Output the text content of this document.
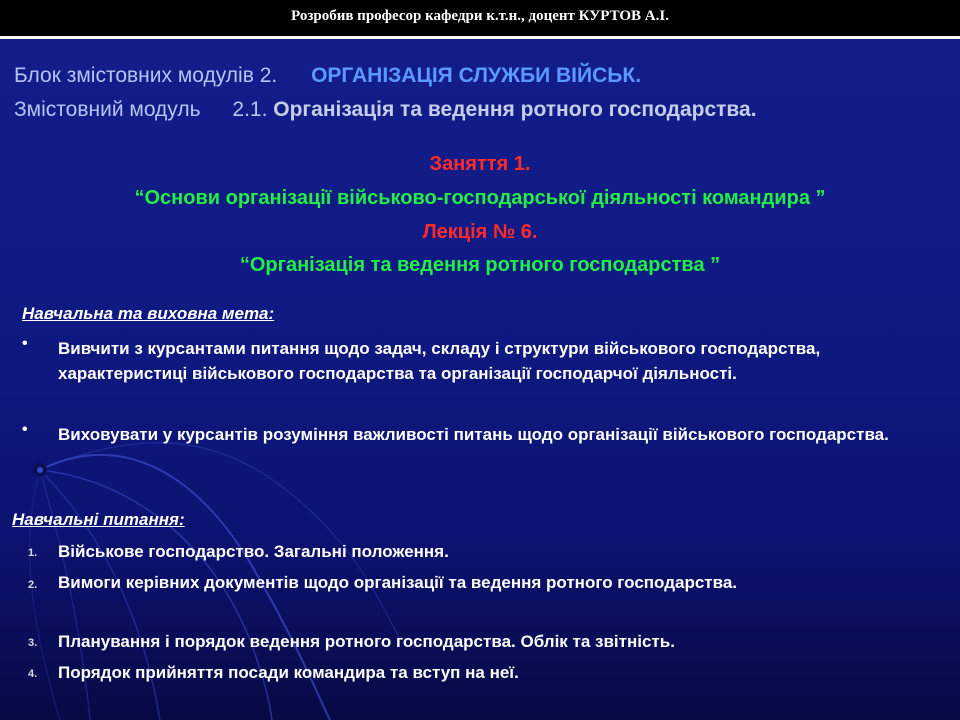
Розробив професор кафедри к.т.н., доцент КУРТОВ А.І.
Блок змістовних модулів 2. ОРГАНІЗАЦІЯ СЛУЖБИ ВІЙСЬК.
Змістовний модуль 2.1. Організація та ведення ротного господарства.
Заняття 1.
“Основи організації військово-господарської діяльності командира ”
Лекція № 6.
“Організація та ведення ротного господарства ”
Навчальна та виховна мета:
• Вивчити з курсантами питання щодо задач, складу і структури військового господарства, характеристиці військового господарства та організації господарчої діяльності.
• Виховувати у курсантів розуміння важливості питань щодо організації військового господарства.
Навчальні питання:
1. Військове господарство. Загальні положення.
2. Вимоги керівних документів щодо організації та ведення ротного господарства.
3. Планування і порядок ведення ротного господарства. Облік та звітність.
4. Порядок прийняття посади командира та вступ на неї.
